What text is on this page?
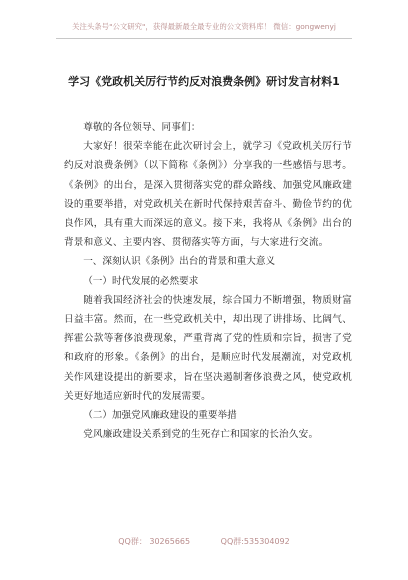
关注头条号"公文研究"，获得最新最全最专业的公文资料库！ 微信：gongwenyj
学习《党政机关厉行节约反对浪费条例》研讨发言材料1

尊敬的各位领导、同事们：

大家好！很荣幸能在此次研讨会上，就学习《党政机关厉行节约反对浪费条例》（以下简称《条例》）分享我的一些感悟与思考。《条例》的出台，是深入贯彻落实党的群众路线、加强党风廉政建设的重要举措，对党政机关在新时代保持艰苦奋斗、勤俭节约的优良作风，具有重大而深远的意义。接下来，我将从《条例》出台的背景和意义、主要内容、贯彻落实等方面，与大家进行交流。

一、深刻认识《条例》出台的背景和重大意义

（一）时代发展的必然要求

随着我国经济社会的快速发展，综合国力不断增强，物质财富日益丰富。然而，在一些党政机关中，却出现了讲排场、比阔气、挥霍公款等奢侈浪费现象，严重背离了党的性质和宗旨，损害了党和政府的形象。《条例》的出台，是顺应时代发展潮流，对党政机关作风建设提出的新要求，旨在坚决遏制奢侈浪费之风，使党政机关更好地适应新时代的发展需要。

（二）加强党风廉政建设的重要举措

党风廉政建设关系到党的生死存亡和国家的长治久安。

QQ群： 30265665	QQ群:535304092
